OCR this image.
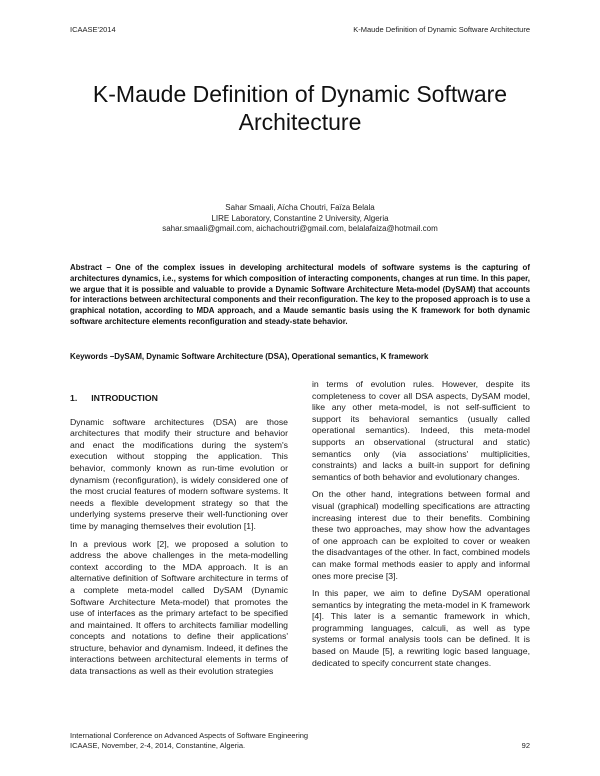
ICAASE'2014	K-Maude Definition of Dynamic Software Architecture
K-Maude Definition of Dynamic Software Architecture
Sahar Smaali, Aïcha Choutri, Faïza Belala
LIRE Laboratory, Constantine 2 University, Algeria
sahar.smaali@gmail.com, aichachoutri@gmail.com, belalafaiza@hotmail.com

Abstract – One of the complex issues in developing architectural models of software systems is the capturing of architectures dynamics, i.e., systems for which composition of interacting components, changes at run time. In this paper, we argue that it is possible and valuable to provide a Dynamic Software Architecture Meta-model (DySAM) that accounts for interactions between architectural components and their reconfiguration. The key to the proposed approach is to use a graphical notation, according to MDA approach, and a Maude semantic basis using the K framework for both dynamic software architecture elements reconfiguration and steady-state behavior.

Keywords –DySAM, Dynamic Software Architecture (DSA), Operational semantics, K framework

1. INTRODUCTION

Dynamic software architectures (DSA) are those architectures that modify their structure and behavior and enact the modifications during the system's execution without stopping the application. This behavior, commonly known as run-time evolution or dynamism (reconfiguration), is widely considered one of the most crucial features of modern software systems. It needs a flexible development strategy so that the underlying systems preserve their well-functioning over time by managing themselves their evolution [1].

In a previous work [2], we proposed a solution to address the above challenges in the meta-modelling context according to the MDA approach. It is an alternative definition of Software architecture in terms of a complete meta-model called DySAM (Dynamic Software Architecture Meta-model) that promotes the use of interfaces as the primary artefact to be specified and maintained. It offers to architects familiar modelling concepts and notations to define their applications' structure, behavior and dynamism. Indeed, it defines the interactions between architectural elements in terms of data transactions as well as their evolution strategies

in terms of evolution rules. However, despite its completeness to cover all DSA aspects, DySAM model, like any other meta-model, is not self-sufficient to support its behavioral semantics (usually called operational semantics). Indeed, this meta-model supports an observational (structural and static) semantics only (via associations' multiplicities, constraints) and lacks a built-in support for defining semantics of both behavior and evolutionary changes.

On the other hand, integrations between formal and visual (graphical) modelling specifications are attracting increasing interest due to their benefits. Combining these two approaches, may show how the advantages of one approach can be exploited to cover or weaken the disadvantages of the other. In fact, combined models can make formal methods easier to apply and informal ones more precise [3].

In this paper, we aim to define DySAM operational semantics by integrating the meta-model in K framework [4]. This later is a semantic framework in which, programming languages, calculi, as well as type systems or formal analysis tools can be defined. It is based on Maude [5], a rewriting logic based language, dedicated to specify concurrent state changes.

International Conference on Advanced Aspects of Software Engineering
ICAASE, November, 2-4, 2014, Constantine, Algeria.	92
